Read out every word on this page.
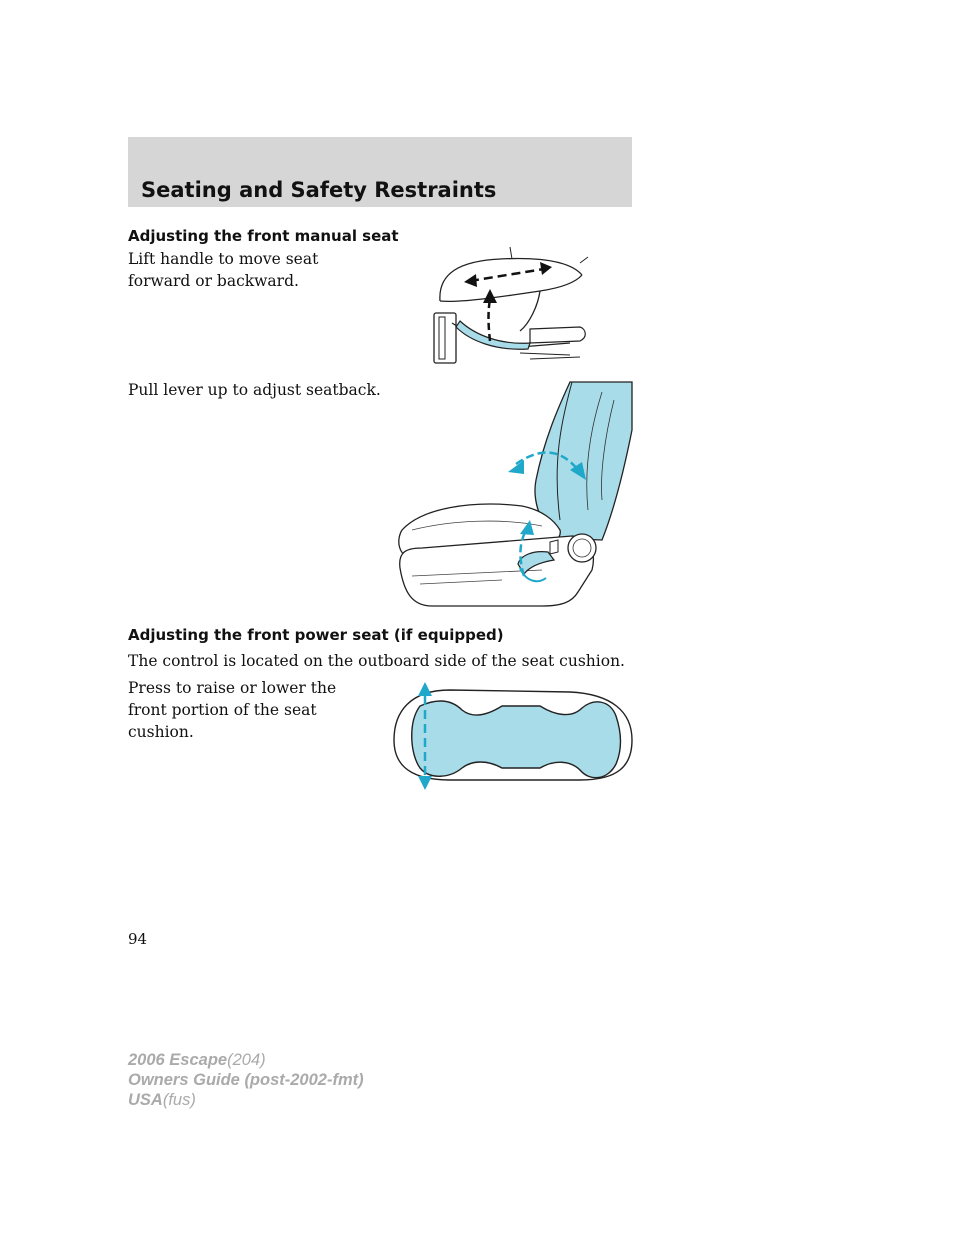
Seating and Safety Restraints
Adjusting the front manual seat
Lift handle to move seat forward or backward.
Pull lever up to adjust seatback.
Adjusting the front power seat (if equipped)
The control is located on the outboard side of the seat cushion.
Press to raise or lower the front portion of the seat cushion.
94
2006 Escape(204)
Owners Guide (post-2002-fmt)
USA(fus)
